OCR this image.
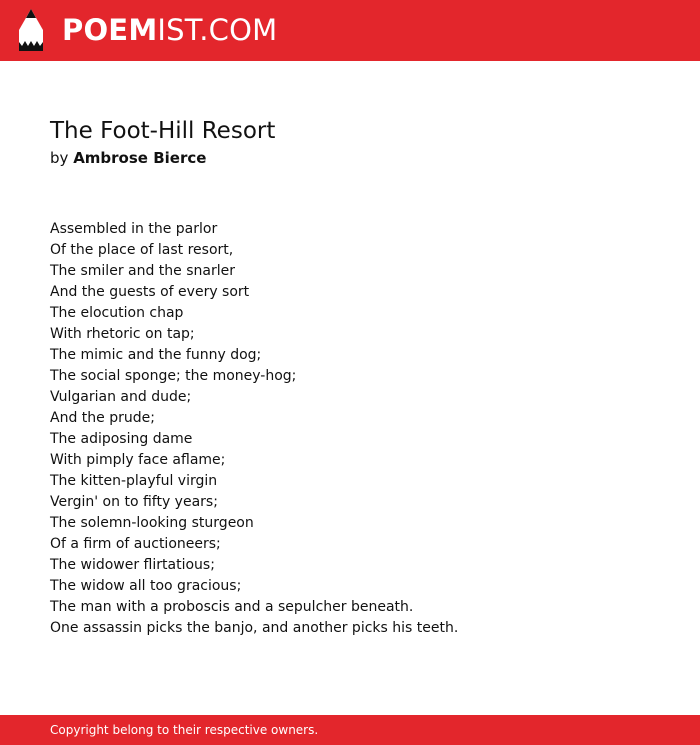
POEMIST.COM
The Foot-Hill Resort

by Ambrose Bierce

Assembled in the parlor
Of the place of last resort,
The smiler and the snarler
And the guests of every sort
The elocution chap
With rhetoric on tap;
The mimic and the funny dog;
The social sponge; the money-hog;
Vulgarian and dude;
And the prude;
The adiposing dame
With pimply face aflame;
The kitten-playful virgin
Vergin' on to fifty years;
The solemn-looking sturgeon
Of a firm of auctioneers;
The widower flirtatious;
The widow all too gracious;
The man with a proboscis and a sepulcher beneath.
One assassin picks the banjo, and another picks his teeth.
Copyright belong to their respective owners.
